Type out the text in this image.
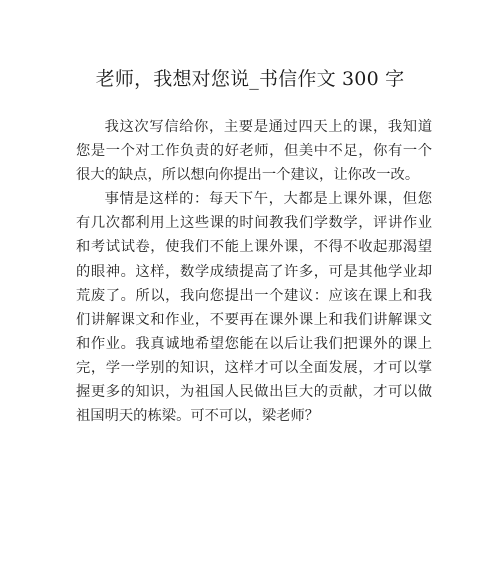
老师，我想对您说_书信作文 300 字

我这次写信给你，主要是通过四天上的课，我知道您是一个对工作负责的好老师，但美中不足，你有一个很大的缺点，所以想向你提出一个建议，让你改一改。

事情是这样的：每天下午，大都是上课外课，但您有几次都利用上这些课的时间教我们学数学，评讲作业和考试试卷，使我们不能上课外课，不得不收起那渴望的眼神。这样，数学成绩提高了许多，可是其他学业却荒废了。所以，我向您提出一个建议：应该在课上和我们讲解课文和作业，不要再在课外课上和我们讲解课文和作业。我真诚地希望您能在以后让我们把课外的课上完，学一学别的知识，这样才可以全面发展，才可以掌握更多的知识，为祖国人民做出巨大的贡献，才可以做祖国明天的栋梁。可不可以，梁老师？
